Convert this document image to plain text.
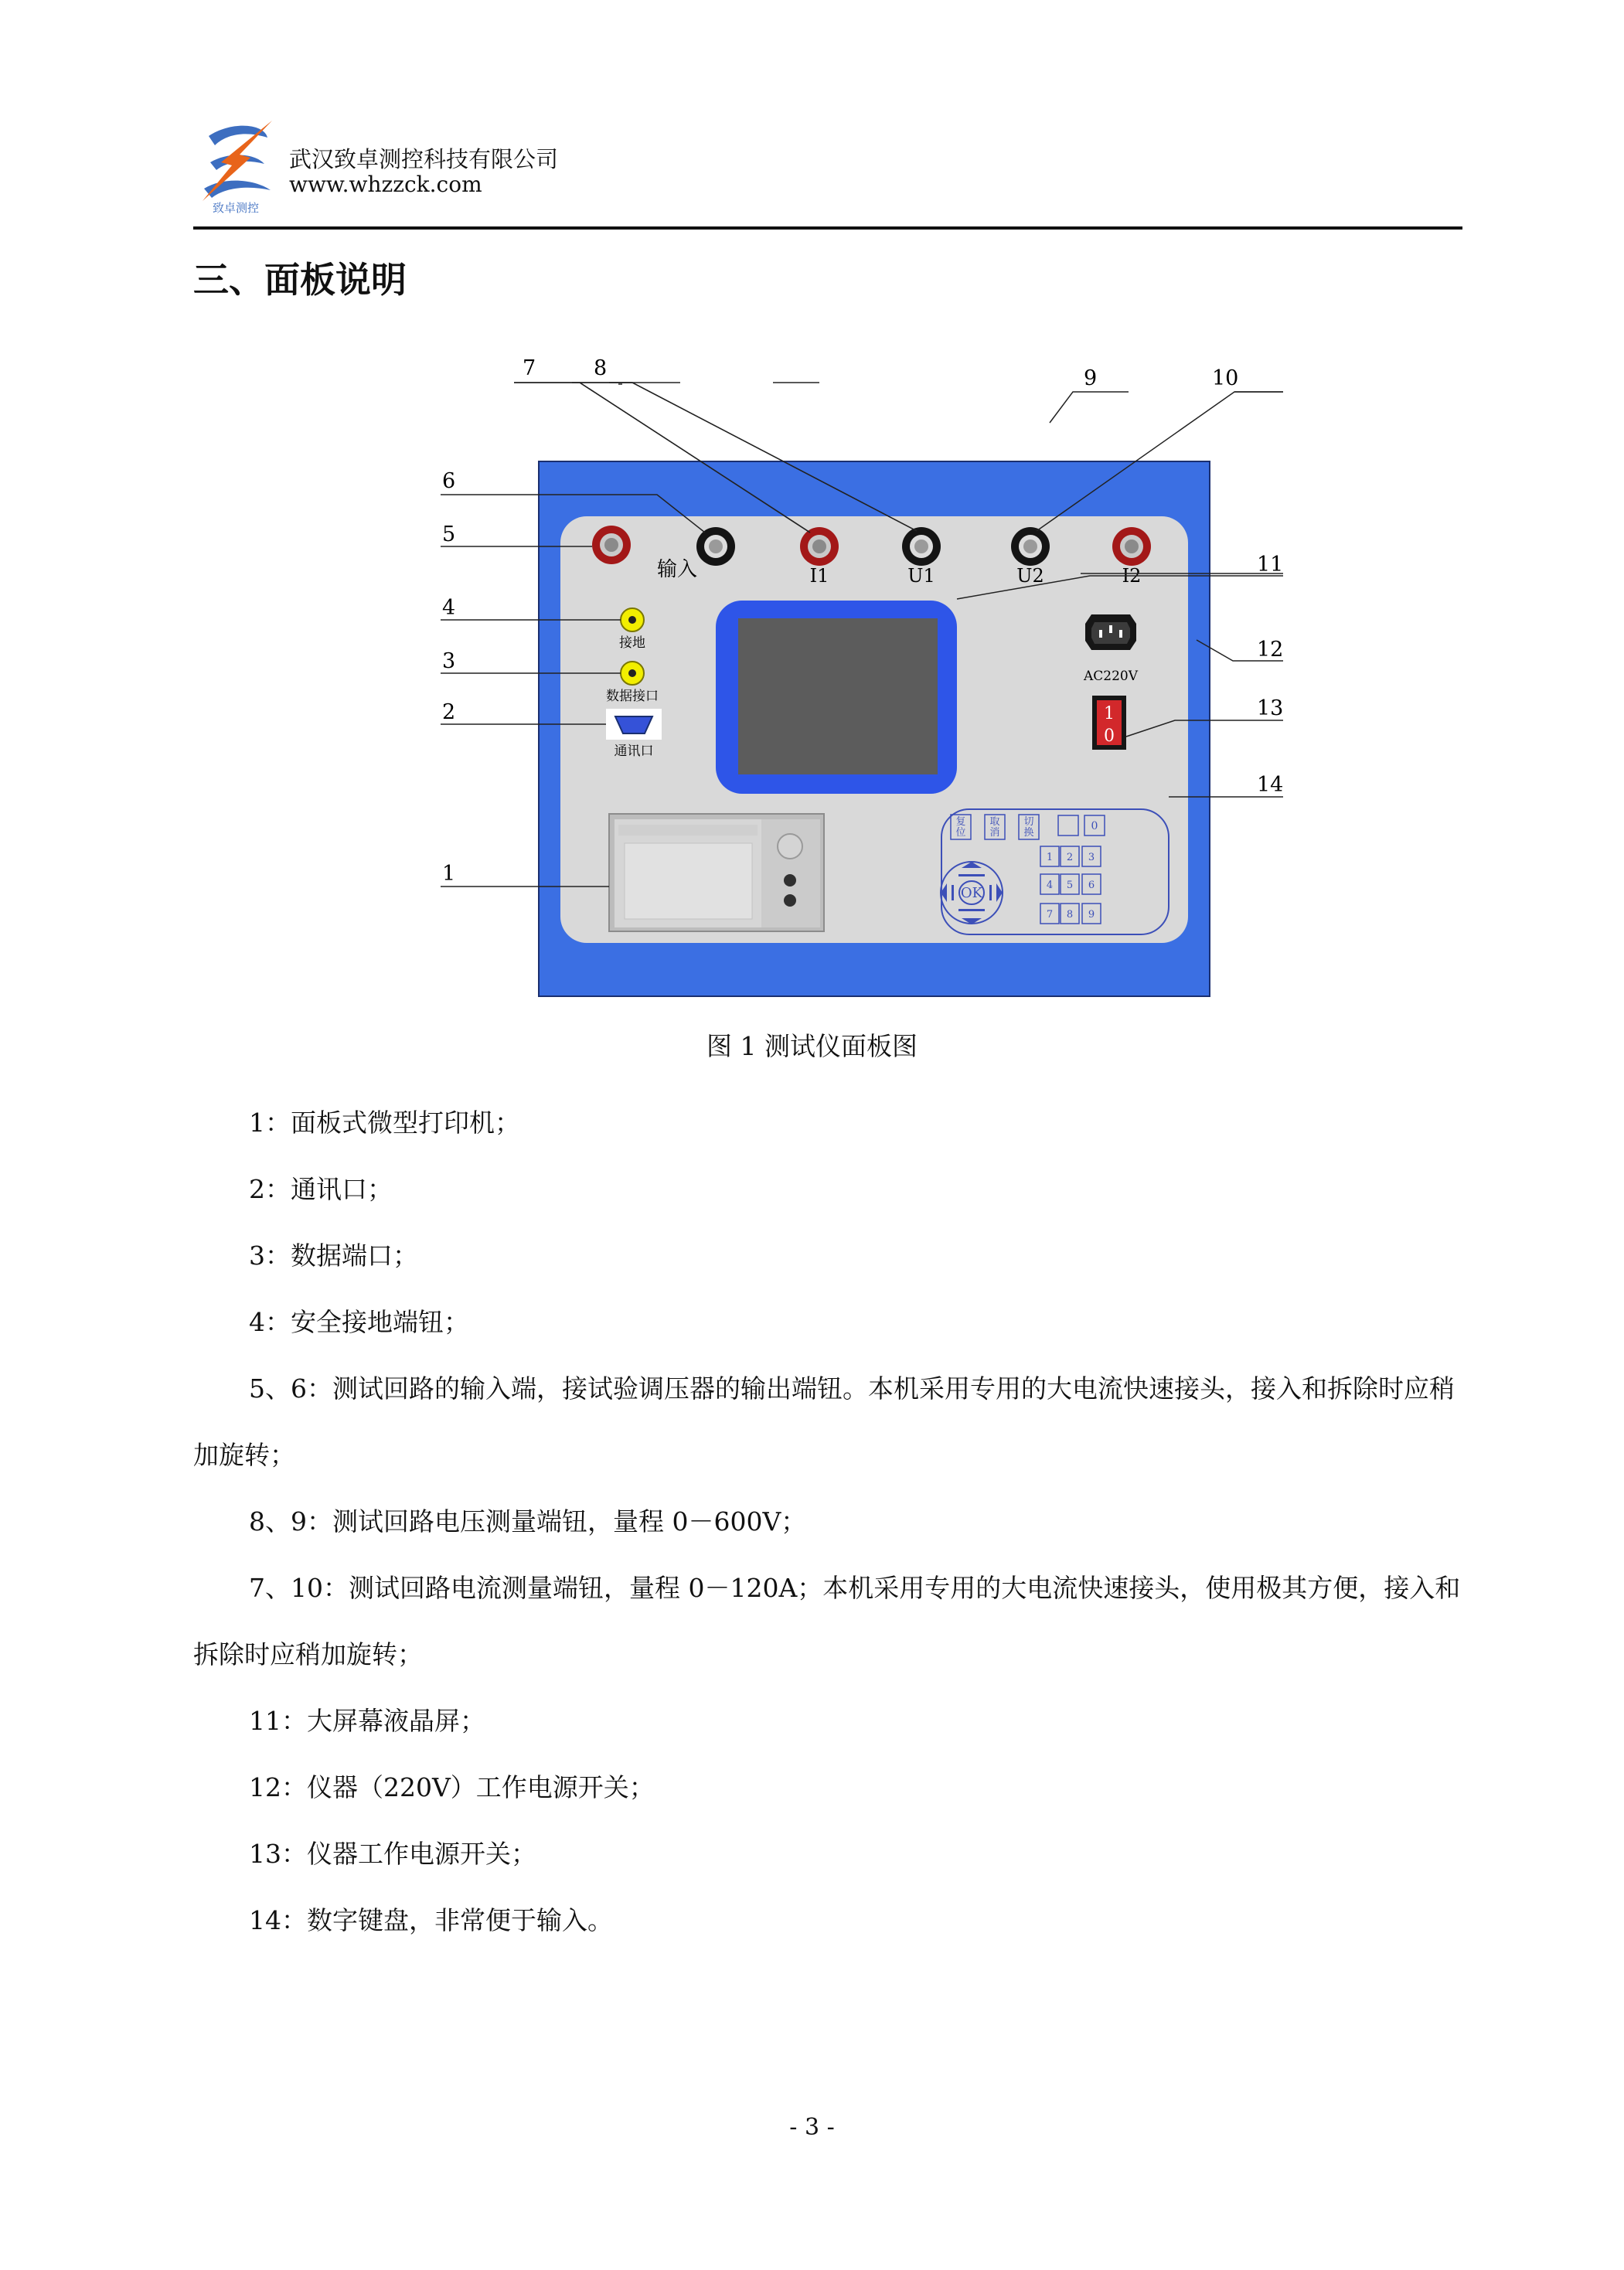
致卓测控
武汉致卓测控科技有限公司
www.whzzck.com
三、面板说明
输入	I1	U1	U2	I2
接地
数据接口
通讯口
AC220V
1
0
复
位
取
消
切
换
0
1 2 3
4 5 6
7 8 9
OK
1
2
3
4
5
6
7	8	9	10
11
12
13
14
图 1 测试仪面板图
1：面板式微型打印机；
2：通讯口；
3：数据端口；
4：安全接地端钮；
5、6：测试回路的输入端，接试验调压器的输出端钮。本机采用专用的大电流快速接头，接入和拆除时应稍加旋转；
8、9：测试回路电压测量端钮，量程 0－600V；
7、10：测试回路电流测量端钮，量程 0－120A；本机采用专用的大电流快速接头，使用极其方便，接入和拆除时应稍加旋转；
11：大屏幕液晶屏；
12：仪器（220V）工作电源开关；
13：仪器工作电源开关；
14：数字键盘，非常便于输入。
- 3 -
